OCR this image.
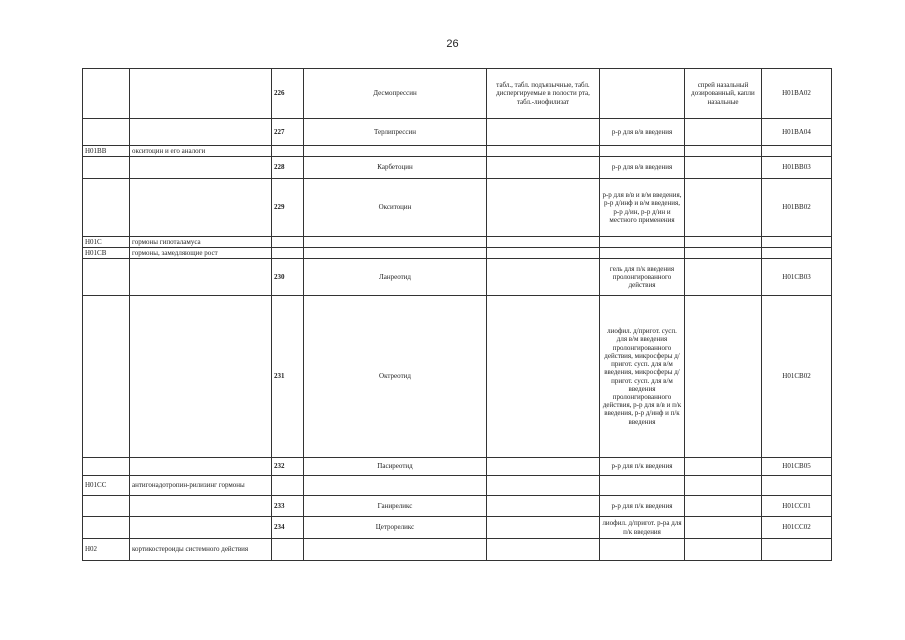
26
		226	Десмопрессин	табл., табл. подъязычные, табл. диспергируемые в полости рта, табл.-лиофилизат		спрей назальный дозированный, капли назальные	H01BA02
		227	Терлипрессин		р-р для в/в введения		H01BA04
H01BB	окситоцин и его аналоги						
		228	Карбетоцин		р-р для в/в введения		H01BB03
		229	Окситоцин		р-р для в/в и в/м введения, р-р д/инф и в/м введения, р-р д/ин, р-р д/ин и местного применения		H01BB02
H01C	гормоны гипоталамуса						
H01CB	гормоны, замедляющие рост						
		230	Ланреотид		гель для п/к введения пролонгированного действия		H01CB03
		231	Октреотид		лиофил. д/пригот. сусп. для в/м введения пролонгированного действия, микросферы д/пригот. сусп. для в/м введения, микросферы д/пригот. сусп. для в/м введения пролонгированного действия, р-р для в/в и п/к введения, р-р д/инф и п/к введения		H01CB02
		232	Пасиреотид		р-р для п/к введения		H01CB05
H01CC	антигонадотропин-рилизинг гормоны						
		233	Ганиреликс		р-р для п/к введения		H01CC01
		234	Цетрореликс		лиофил. д/пригот. р-ра для п/к введения		H01CC02
H02	кортикостероиды системного действия						
